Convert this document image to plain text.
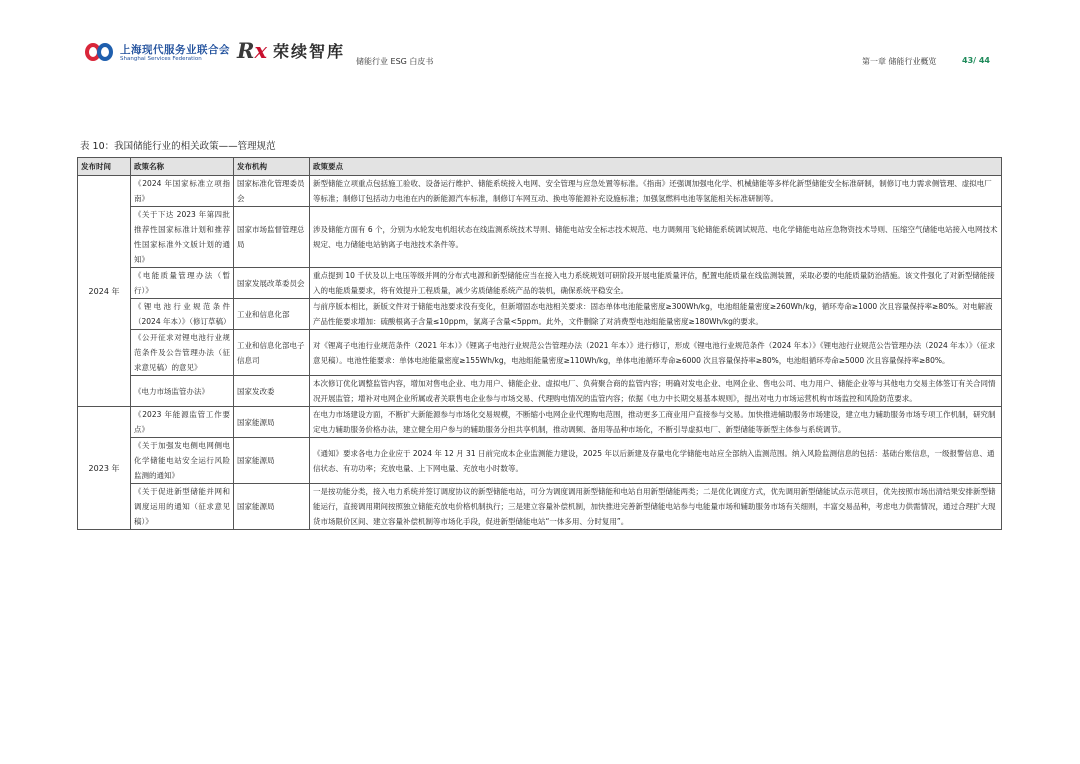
上海现代服务业联合会
Shanghai Services Federation	Rx 荣续智库
储能行业 ESG 白皮书	第一章 储能行业概览	43/ 44
表 10：我国储能行业的相关政策——管理规范
发布时间	政策名称	发布机构	政策要点
2024 年	《2024 年国家标准立项指南》	国家标准化管理委员会	新型储能立项重点包括施工验收、设备运行维护、储能系统接入电网、安全管理与应急处置等标准。《指南》还强调加强电化学、机械储能等多样化新型储能安全标准研制，制修订电力需求侧管理、虚拟电厂等标准；制修订包括动力电池在内的新能源汽车标准，制修订车网互动、换电等能源补充设施标准；加强氢燃料电池等氢能相关标准研制等。
	《关于下达 2023 年第四批推荐性国家标准计划和推荐性国家标准外文版计划的通知》	国家市场监督管理总局	涉及储能方面有 6 个，分别为水轮发电机组状态在线监测系统技术导则、储能电站安全标志技术规范、电力调频用飞轮储能系统调试规范、电化学储能电站应急物资技术导则、压缩空气储能电站接入电网技术规定、电力储能电站钠离子电池技术条件等。
	《电能质量管理办法（暂行）》	国家发展改革委员会	重点提到 10 千伏及以上电压等级并网的分布式电源和新型储能应当在接入电力系统规划可研阶段开展电能质量评估，配置电能质量在线监测装置，采取必要的电能质量防治措施。该文件强化了对新型储能接入的电能质量要求，将有效提升工程质量，减少劣质储能系统产品的装机，确保系统平稳安全。
	《锂电池行业规范条件（2024 年本）》（修订草稿）	工业和信息化部	与前序版本相比，新版文件对于储能电池要求没有变化，但新增固态电池相关要求：固态单体电池能量密度≥300Wh/kg，电池组能量密度≥260Wh/kg，循环寿命≥1000 次且容量保持率≥80%。对电解液产品性能要求增加：硫酸根离子含量≤10ppm，氯离子含量<5ppm。此外，文件删除了对消费型电池组能量密度≥180Wh/kg的要求。
	《公开征求对锂电池行业规范条件及公告管理办法（征求意见稿）的意见》	工业和信息化部电子信息司	对《锂离子电池行业规范条件（2021 年本）》《锂离子电池行业规范公告管理办法（2021 年本）》进行修订，形成《锂电池行业规范条件（2024 年本）》《锂电池行业规范公告管理办法（2024 年本）》（征求意见稿）。电池性能要求：单体电池能量密度≥155Wh/kg，电池组能量密度≥110Wh/kg，单体电池循环寿命≥6000 次且容量保持率≥80%，电池组循环寿命≥5000 次且容量保持率≥80%。
	《电力市场监管办法》	国家发改委	本次修订优化调整监管内容，增加对售电企业、电力用户、储能企业、虚拟电厂、负荷聚合商的监管内容；明确对发电企业、电网企业、售电公司、电力用户、储能企业等与其他电力交易主体签订有关合同情况开展监管；增补对电网企业所属或者关联售电企业参与市场交易、代理购电情况的监管内容；依据《电力中长期交易基本规则》，提出对电力市场运营机构市场监控和风险防范要求。
2023 年	《2023 年能源监管工作要点》	国家能源局	在电力市场建设方面，不断扩大新能源参与市场化交易规模，不断缩小电网企业代理购电范围，推动更多工商业用户直接参与交易。加快推进辅助服务市场建设，建立电力辅助服务市场专项工作机制，研究制定电力辅助服务价格办法，建立健全用户参与的辅助服务分担共享机制，推动调频、备用等品种市场化，不断引导虚拟电厂、新型储能等新型主体参与系统调节。
	《关于加强发电侧电网侧电化学储能电站安全运行风险监测的通知》	国家能源局	《通知》要求各电力企业应于 2024 年 12 月 31 日前完成本企业监测能力建设，2025 年以后新建及存量电化学储能电站应全部纳入监测范围。纳入风险监测信息的包括：基础台账信息，一级报警信息、通信状态、有功功率；充放电量、上下网电量、充放电小时数等。
	《关于促进新型储能并网和调度运用的通知（征求意见稿）》	国家能源局	一是按功能分类，接入电力系统并签订调度协议的新型储能电站，可分为调度调用新型储能和电站自用新型储能两类；二是优化调度方式，优先调用新型储能试点示范项目，优先按照市场出清结果安排新型储能运行，直接调用期间按照独立储能充放电价格机制执行；三是建立容量补偿机制，加快推进完善新型储能电站参与电能量市场和辅助服务市场有关细则，丰富交易品种，考虑电力供需情况，通过合理扩大现货市场限价区间、建立容量补偿机制等市场化手段，促进新型储能电站“一体多用、分时复用”。
